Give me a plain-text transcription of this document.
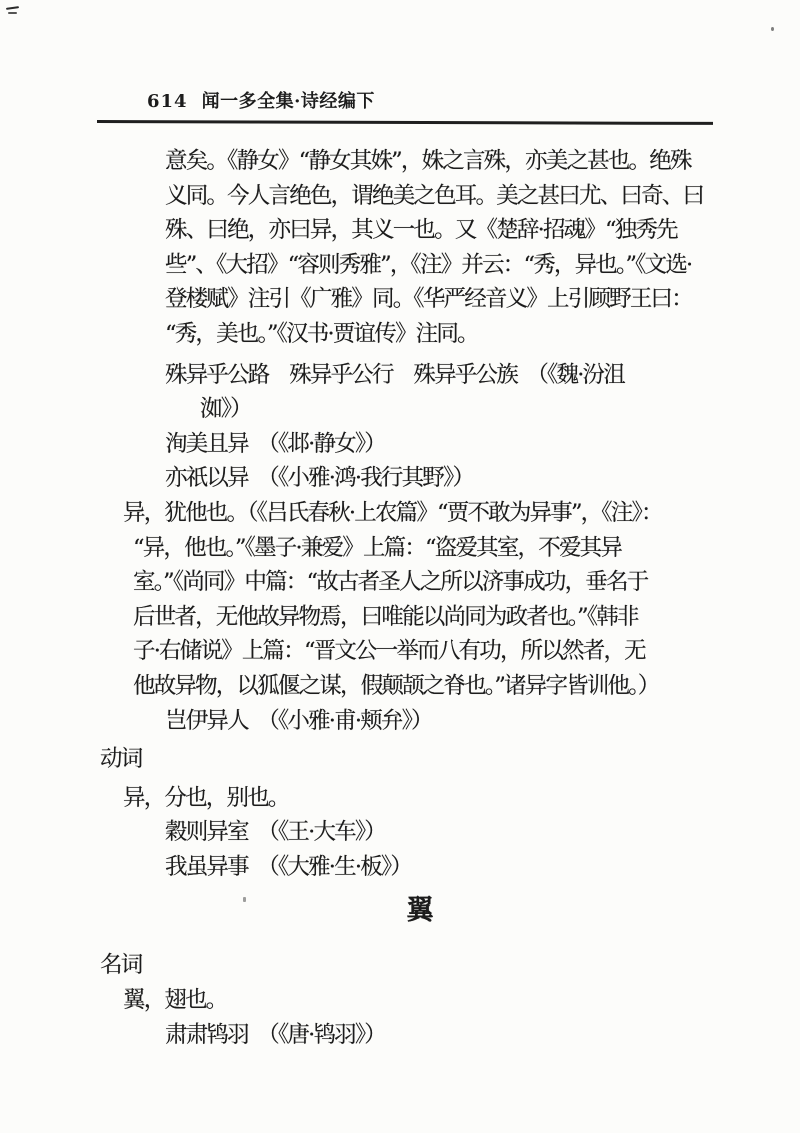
614 闻一多全集·诗经编下
意矣。《静女》“静女其姝”，姝之言殊，亦美之甚也。绝殊
义同。今人言绝色，谓绝美之色耳。美之甚曰尤、曰奇、曰
殊、曰绝，亦曰异，其义一也。又《楚辞·招魂》“独秀先
些”、《大招》“容则秀雅”，《注》并云：“秀，异也。”《文选·
登楼赋》注引《广雅》同。《华严经音义》上引顾野王曰：
“秀，美也。”《汉书·贾谊传》注同。
殊异乎公路　殊异乎公行　殊异乎公族　（《魏·汾沮
洳》）
洵美且异　（《邶·静女》）
亦祇以异　（《小雅·鸿·我行其野》）
异，犹他也。（《吕氏春秋·上农篇》“贾不敢为异事”，《注》：
“异，他也。”《墨子·兼爱》上篇：“盗爱其室，不爱其异
室。”《尚同》中篇：“故古者圣人之所以济事成功，垂名于
后世者，无他故异物焉，曰唯能以尚同为政者也。”《韩非
子·右储说》上篇：“晋文公一举而八有功，所以然者，无
他故异物，以狐偃之谋，假颠颉之脊也。”诸异字皆训他。）
岂伊异人　（《小雅·甫·颊弁》）
动词
异，分也，别也。
穀则异室　（《王·大车》）
我虽异事　（《大雅·生·板》）
翼
名词
翼，翅也。
肃肃鸨羽　（《唐·鸨羽》）
